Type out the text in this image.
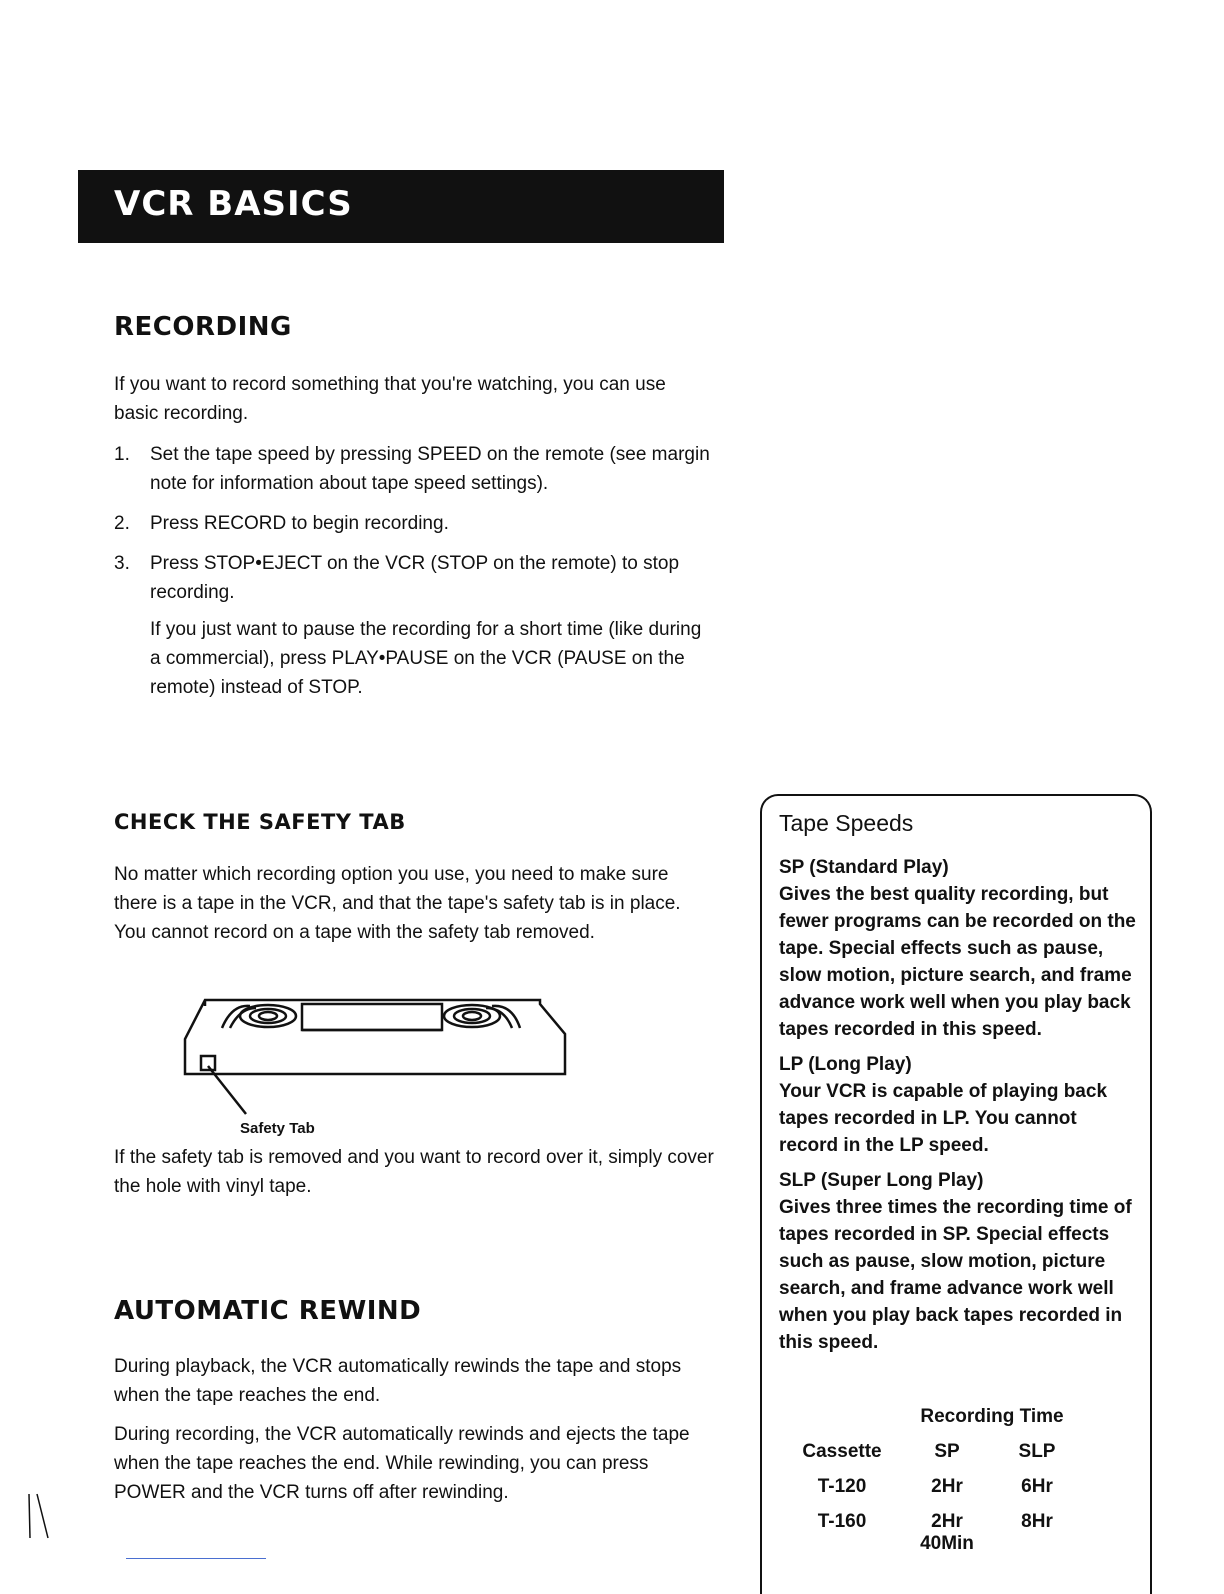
VCR BASICS
RECORDING

If you want to record something that you're watching, you can use basic recording.

1. Set the tape speed by pressing SPEED on the remote (see margin note for information about tape speed settings).
2. Press RECORD to begin recording.
3. Press STOP•EJECT on the VCR (STOP on the remote) to stop recording.
If you just want to pause the recording for a short time (like during a commercial), press PLAY•PAUSE on the VCR (PAUSE on the remote) instead of STOP.
CHECK THE SAFETY TAB

No matter which recording option you use, you need to make sure there is a tape in the VCR, and that the tape's safety tab is in place. You cannot record on a tape with the safety tab removed.

Safety Tab

If the safety tab is removed and you want to record over it, simply cover the hole with vinyl tape.

AUTOMATIC REWIND

During playback, the VCR automatically rewinds the tape and stops when the tape reaches the end.

During recording, the VCR automatically rewinds and ejects the tape when the tape reaches the end. While rewinding, you can press POWER and the VCR turns off after rewinding.

Tape Speeds
SP (Standard Play)
Gives the best quality recording, but fewer programs can be recorded on the tape. Special effects such as pause, slow motion, picture search, and frame advance work well when you play back tapes recorded in this speed.
LP (Long Play)
Your VCR is capable of playing back tapes recorded in LP. You cannot record in the LP speed.
SLP (Super Long Play)
Gives three times the recording time of tapes recorded in SP. Special effects such as pause, slow motion, picture search, and frame advance work well when you play back tapes recorded in this speed.
	Recording Time	
Cassette	SP	SLP
T-120	2Hr	6Hr
T-160	2Hr 40Min	8Hr
